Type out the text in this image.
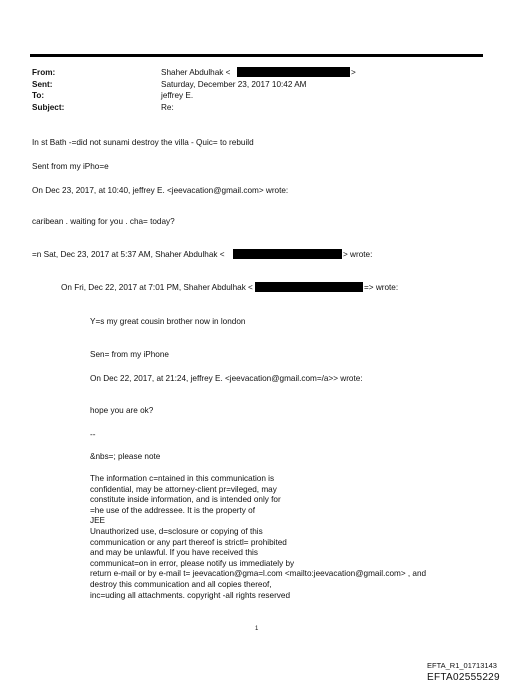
From:	Shaher Abdulhak <	>
Sent:	Saturday, December 23, 2017 10:42 AM
To:	jeffrey E.
Subject:	Re:
In st Bath -=did not sunami destroy the villa - Quic= to rebuild
Sent from my iPho=e
On Dec 23, 2017, at 10:40, jeffrey E. <jeevacation@gmail.com> wrote:
caribean . waiting for you . cha= today?
=n Sat, Dec 23, 2017 at 5:37 AM, Shaher Abdulhak <	> wrote:
On Fri, Dec 22, 2017 at 7:01 PM, Shaher Abdulhak <	=> wrote:
Y=s my great cousin brother now in london
Sen= from my iPhone
On Dec 22, 2017, at 21:24, jeffrey E. <jeevacation@gmail.com=/a>> wrote:
hope you are ok?
--
&nbs=; please note
The information c=ntained in this communication is
confidential, may be attorney-client pr=vileged, may
constitute inside information, and is intended only for
=he use of the addressee. It is the property of
JEE
Unauthorized use, d=sclosure or copying of this
communication or any part thereof is strictl= prohibited
and may be unlawful. If you have received this
communicat=on in error, please notify us immediately by
return e-mail or by e-mail t= jeevacation@gma=l.com <mailto:jeevacation@gmail.com> , and
destroy this communication and all copies thereof,
inc=uding all attachments. copyright -all rights reserved
1
EFTA_R1_01713143
EFTA02555229
